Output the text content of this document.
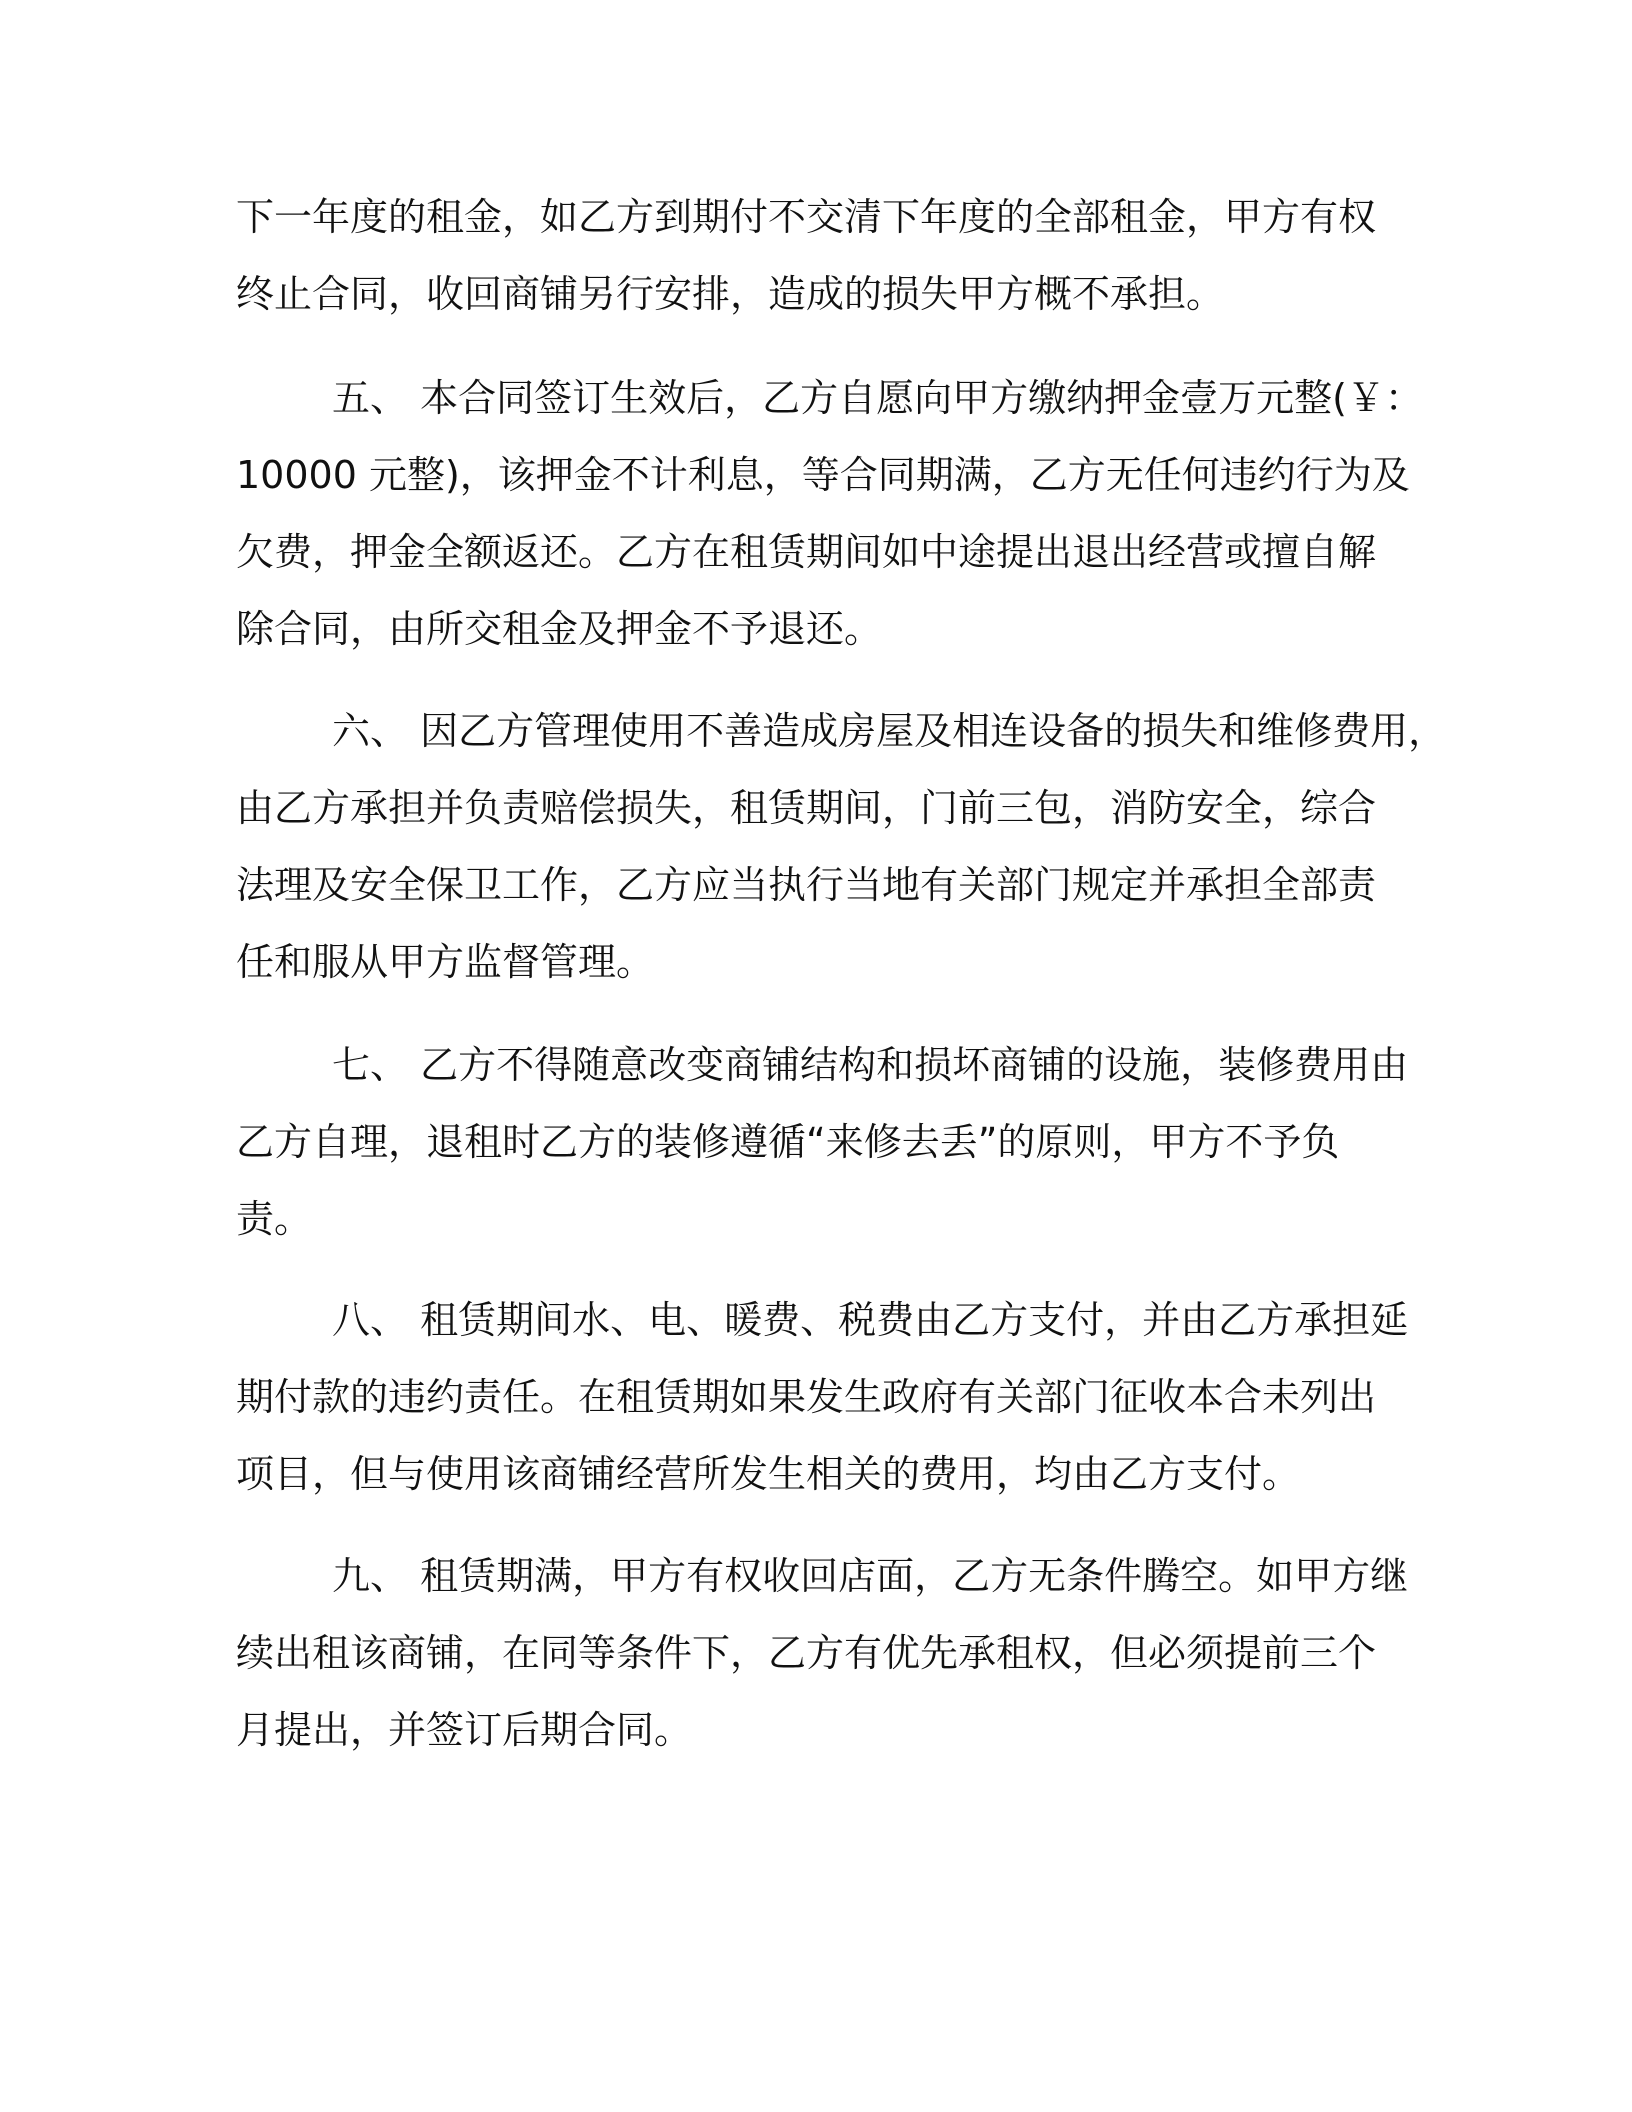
下一年度的租金，如乙方到期付不交清下年度的全部租金，甲方有权
终止合同，收回商铺另行安排，造成的损失甲方概不承担。
五、 本合同签订生效后，乙方自愿向甲方缴纳押金壹万元整(￥：
10000 元整)，该押金不计利息，等合同期满，乙方无任何违约行为及
欠费，押金全额返还。乙方在租赁期间如中途提出退出经营或擅自解
除合同，由所交租金及押金不予退还。
六、 因乙方管理使用不善造成房屋及相连设备的损失和维修费用，
由乙方承担并负责赔偿损失，租赁期间，门前三包，消防安全，综合
法理及安全保卫工作，乙方应当执行当地有关部门规定并承担全部责
任和服从甲方监督管理。
七、 乙方不得随意改变商铺结构和损坏商铺的设施，装修费用由
乙方自理，退租时乙方的装修遵循“来修去丢”的原则，甲方不予负
责。
八、 租赁期间水、电、暖费、税费由乙方支付，并由乙方承担延
期付款的违约责任。在租赁期如果发生政府有关部门征收本合未列出
项目，但与使用该商铺经营所发生相关的费用，均由乙方支付。
九、 租赁期满，甲方有权收回店面，乙方无条件腾空。如甲方继
续出租该商铺，在同等条件下，乙方有优先承租权，但必须提前三个
月提出，并签订后期合同。
